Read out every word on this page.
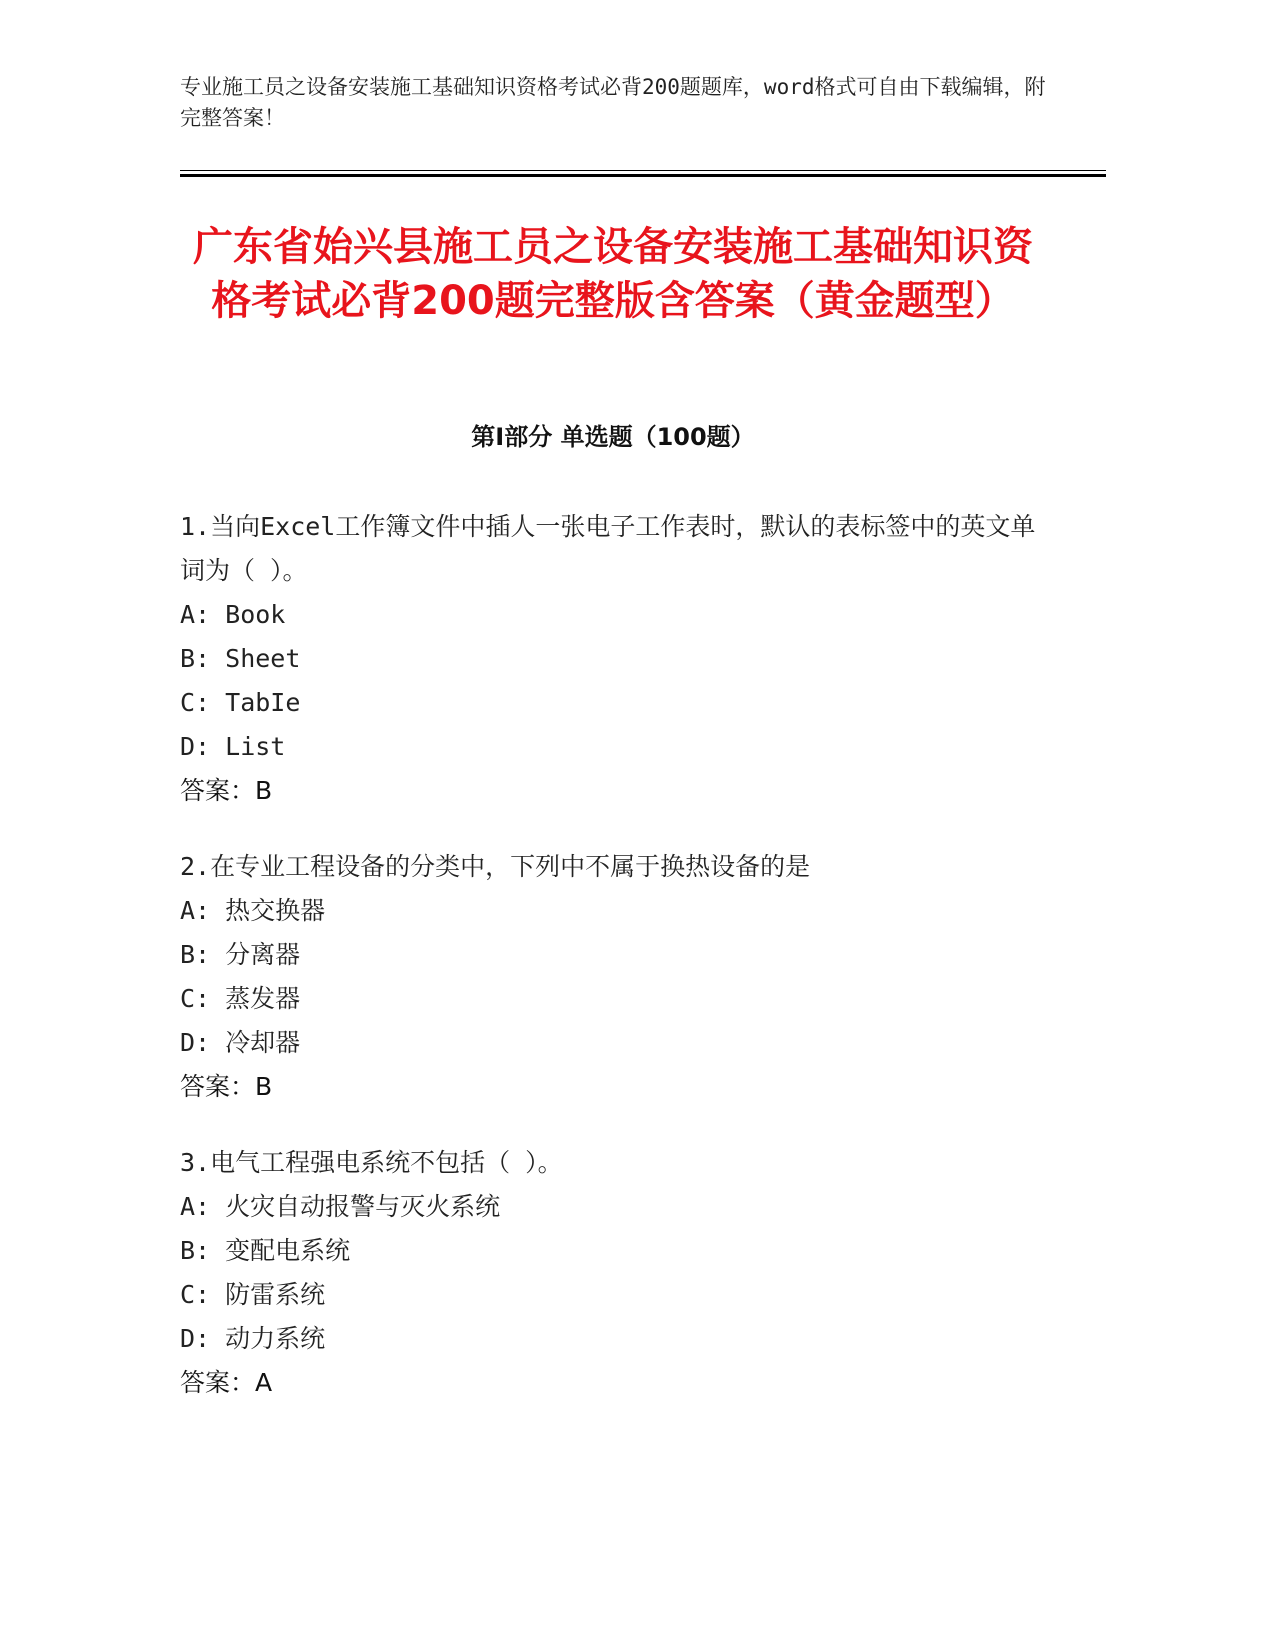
专业施工员之设备安装施工基础知识资格考试必背200题题库，word格式可自由下载编辑，附完整答案！
广东省始兴县施工员之设备安装施工基础知识资格考试必背200题完整版含答案（黄金题型）
第I部分 单选题（100题）
1.当向Excel工作簿文件中插人一张电子工作表时，默认的表标签中的英文单词为（ ）。
A: Book
B: Sheet
C: TabIe
D: List
答案：B
2.在专业工程设备的分类中，下列中不属于换热设备的是
A: 热交换器
B: 分离器
C: 蒸发器
D: 冷却器
答案：B
3.电气工程强电系统不包括（ ）。
A: 火灾自动报警与灭火系统
B: 变配电系统
C: 防雷系统
D: 动力系统
答案：A
